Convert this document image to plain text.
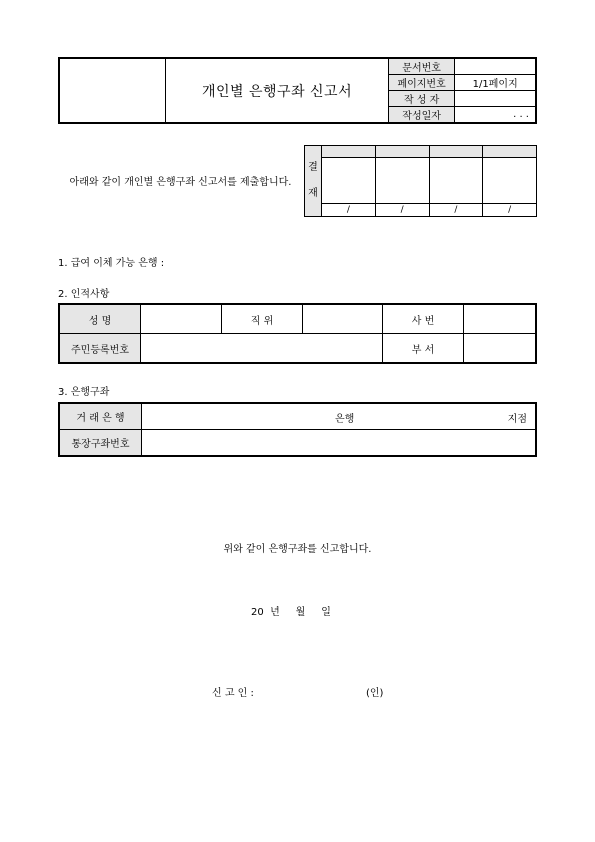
	개인별 은행구좌 신고서	문서번호	
		페이지번호	1/1페이지
		작 성 자	
		작성일자	. . .
아래와 같이 개인별 은행구좌 신고서를 제출합니다.
결
재				

	/	/	/	/
1. 급여 이체 가능 은행 :
2. 인적사항
성 명		직 위		사 번	
주민등록번호				부 서	
3. 은행구좌
거 래 은 행	은행 지점

통장구좌번호	
위와 같이 은행구좌를 신고합니다.
20  년     월     일
신 고 인 :	(인)
